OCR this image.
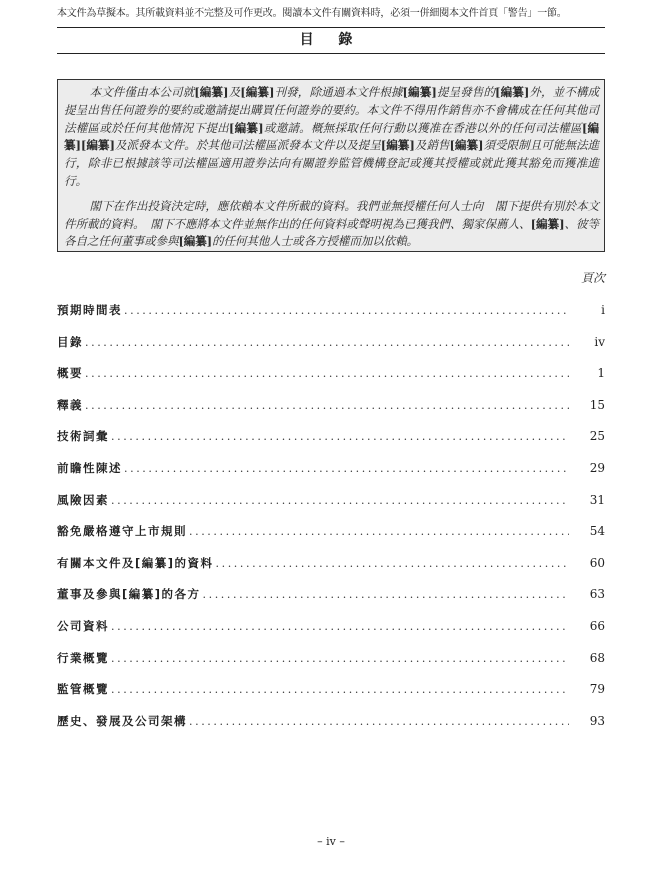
本文件為草擬本。其所載資料並不完整及可作更改。閱讀本文件有關資料時，必須一併細閱本文件首頁「警告」一節。
目 錄

本文件僅由本公司就[編纂]及[編纂]刊發，除通過本文件根據[編纂]提呈發售的[編纂]外，並不構成提呈出售任何證券的要約或邀請提出購買任何證券的要約。本文件不得用作銷售亦不會構成在任何其他司法權區或於任何其他情況下提出[編纂]或邀請。概無採取任何行動以獲准在香港以外的任何司法權區[編纂][編纂]及派發本文件。於其他司法權區派發本文件以及提呈[編纂]及銷售[編纂]須受限制且可能無法進行，除非已根據該等司法權區適用證券法向有關證券監管機構登記或獲其授權或就此獲其豁免而獲准進行。

閣下在作出投資決定時，應依賴本文件所載的資料。我們並無授權任何人士向　閣下提供有別於本文件所載的資料。　閣下不應將本文件並無作出的任何資料或聲明視為已獲我們、獨家保薦人、[編纂]、彼等各自之任何董事或參與[編纂]的任何其他人士或各方授權而加以依賴。

頁次
預期時間表 .....	i
目錄 .....	iv
概要 .....	1
釋義 .....	15
技術詞彙 .....	25
前瞻性陳述 .....	29
風險因素 .....	31
豁免嚴格遵守上市規則 .....	54
有關本文件及[編纂]的資料 .....	60
董事及參與[編纂]的各方 .....	63
公司資料 .....	66
行業概覽 .....	68
監管概覽 .....	79
歷史、發展及公司架構 .....	93
– iv –
